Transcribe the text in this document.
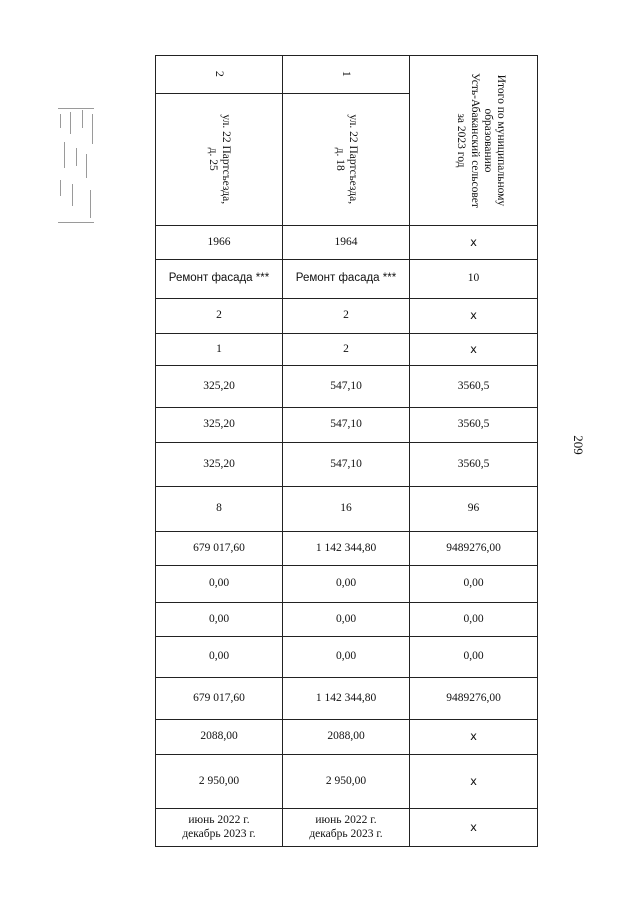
2	1	Итого по муниципальному
образованию
Усть-Абаканский сельсовет
за 2023 год

ул. 22 Партсъезда,
д. 25	ул. 22 Партсъезда,
д. 18	

1966	1964	x
Ремонт фасада ***	Ремонт фасада ***	10
2	2	x
1	2	x
325,20	547,10	3560,5
325,20	547,10	3560,5
325,20	547,10	3560,5
8	16	96
679 017,60	1 142 344,80	9489276,00
0,00	0,00	0,00
0,00	0,00	0,00
0,00	0,00	0,00
679 017,60	1 142 344,80	9489276,00
2088,00	2088,00	x
2 950,00	2 950,00	x

июнь 2022 г.
декабрь 2023 г.	июнь 2022 г.
декабрь 2023 г.	x
209
